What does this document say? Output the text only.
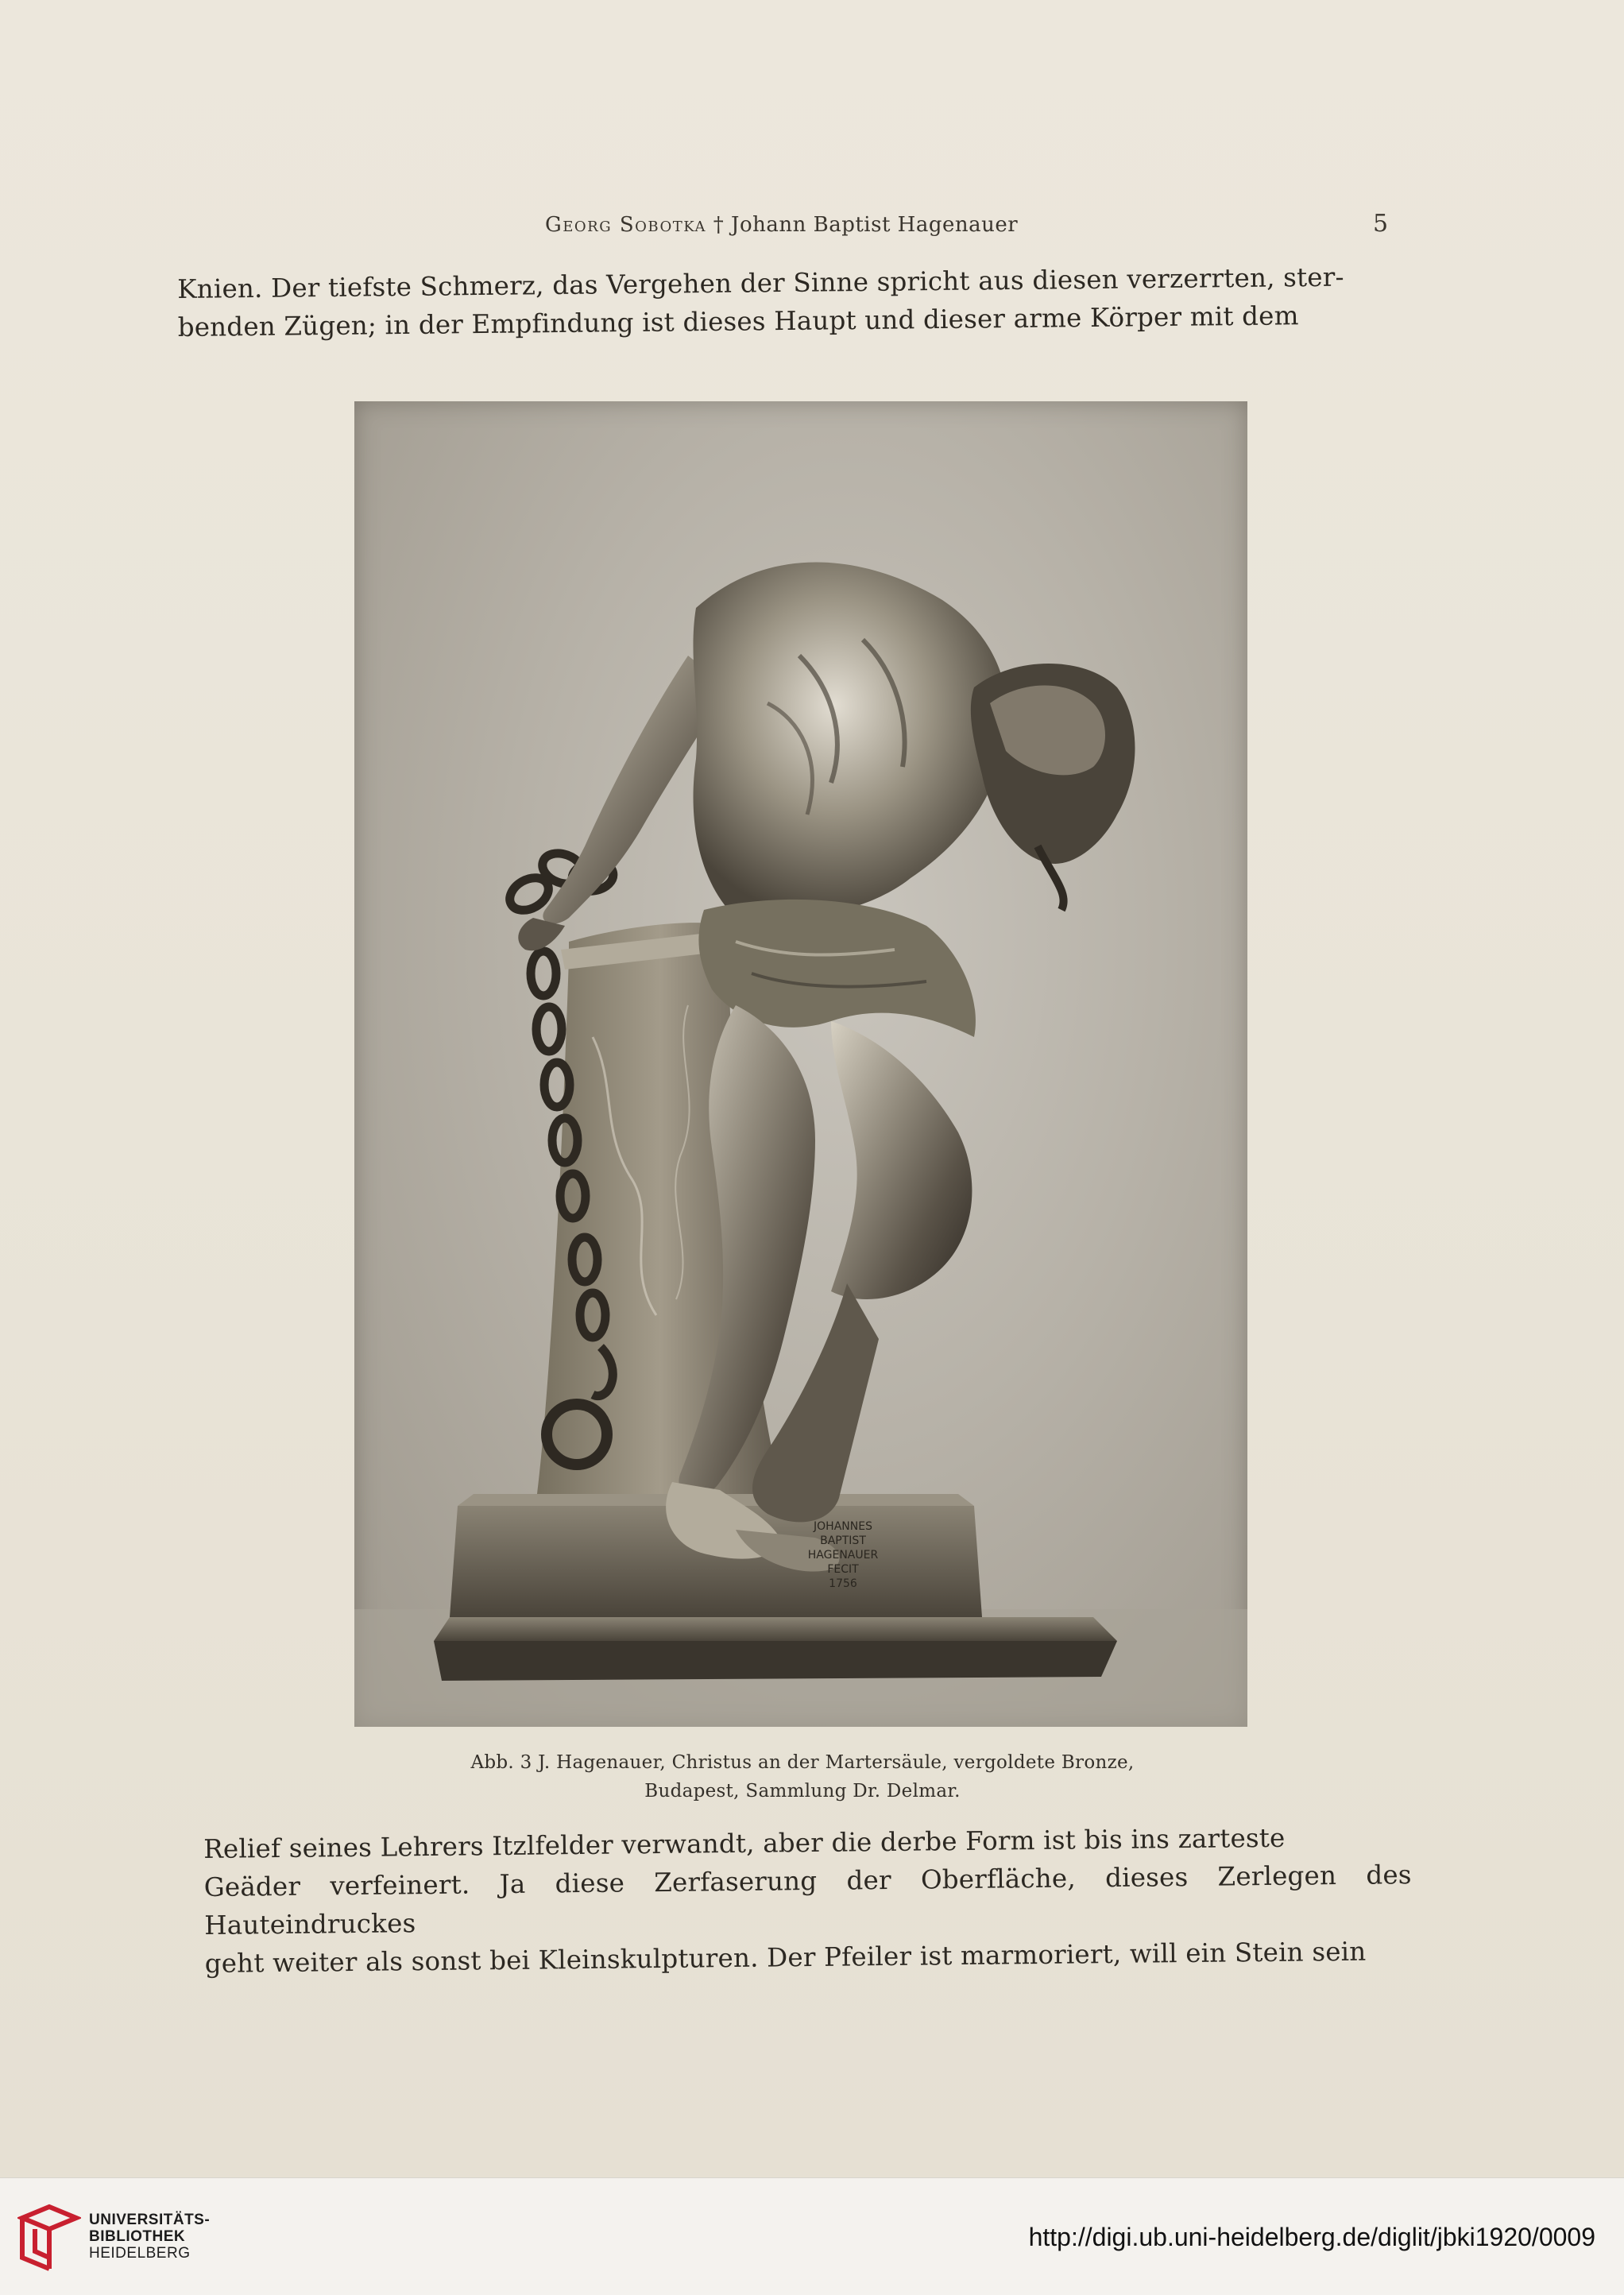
Georg Sobotka † Johann Baptist Hagenauer	5

Knien. Der tiefste Schmerz, das Vergehen der Sinne spricht aus diesen verzerrten, ster-

benden Zügen; in der Empfindung ist dieses Haupt und dieser arme Körper mit dem

JOHANNES
BAPTIST
HAGENAUER
FECIT
1756
Abb. 3 J. Hagenauer, Christus an der Martersäule, vergoldete Bronze,
Budapest, Sammlung Dr. Delmar.

Relief seines Lehrers Itzlfelder verwandt, aber die derbe Form ist bis ins zarteste

Geäder verfeinert. Ja diese Zerfaserung der Oberfläche, dieses Zerlegen des Hauteindruckes

geht weiter als sonst bei Kleinskulpturen. Der Pfeiler ist marmoriert, will ein Stein sein

UNIVERSITÄTS-
BIBLIOTHEK
HEIDELBERG
http://digi.ub.uni-heidelberg.de/diglit/jbki1920/0009
